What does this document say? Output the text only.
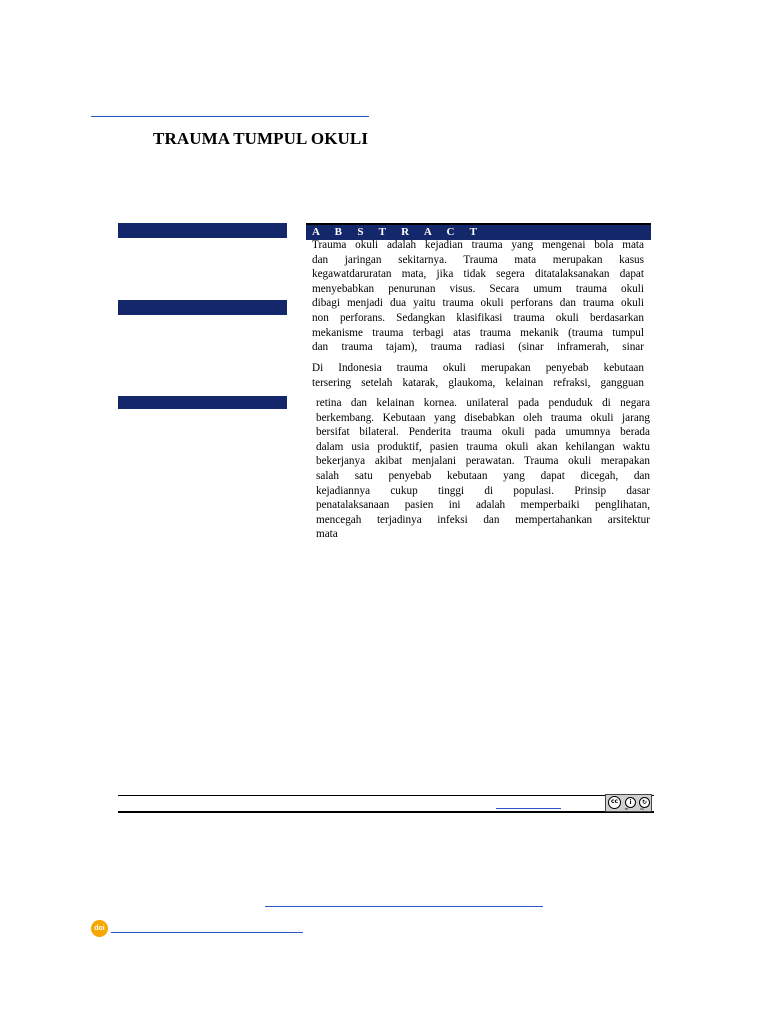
TRAUMA TUMPUL OKULI
A B S T R A C T
Trauma okuli adalah kejadian trauma yang mengenai bola mata
dan jaringan sekitarnya. Trauma mata merupakan kasus
kegawatdaruratan mata, jika tidak segera ditatalaksanakan dapat
menyebabkan penurunan visus. Secara umum trauma okuli
dibagi menjadi dua yaitu trauma okuli perforans dan trauma okuli
non perforans. Sedangkan klasifikasi trauma okuli berdasarkan
mekanisme trauma terbagi atas trauma mekanik (trauma tumpul
dan trauma tajam), trauma radiasi (sinar inframerah, sinar
Di Indonesia trauma okuli merupakan penyebab kebutaan
tersering setelah katarak, glaukoma, kelainan refraksi, gangguan
retina dan kelainan kornea. unilateral pada penduduk di negara
berkembang. Kebutaan yang disebabkan oleh trauma okuli jarang
bersifat bilateral. Penderita trauma okuli pada umumnya berada
dalam usia produktif, pasien trauma okuli akan kehilangan waktu
bekerjanya akibat menjalani perawatan. Trauma okuli merapakan
salah satu penyebab kebutaan yang dapat dicegah, dan
kejadiannya cukup tinggi di populasi. Prinsip dasar
penatalaksanaan pasien ini adalah memperbaiki penglihatan,
mencegah terjadinya infeksi dan mempertahankan arsitektur
mata
cc	i	↻
BY	SA
doi
